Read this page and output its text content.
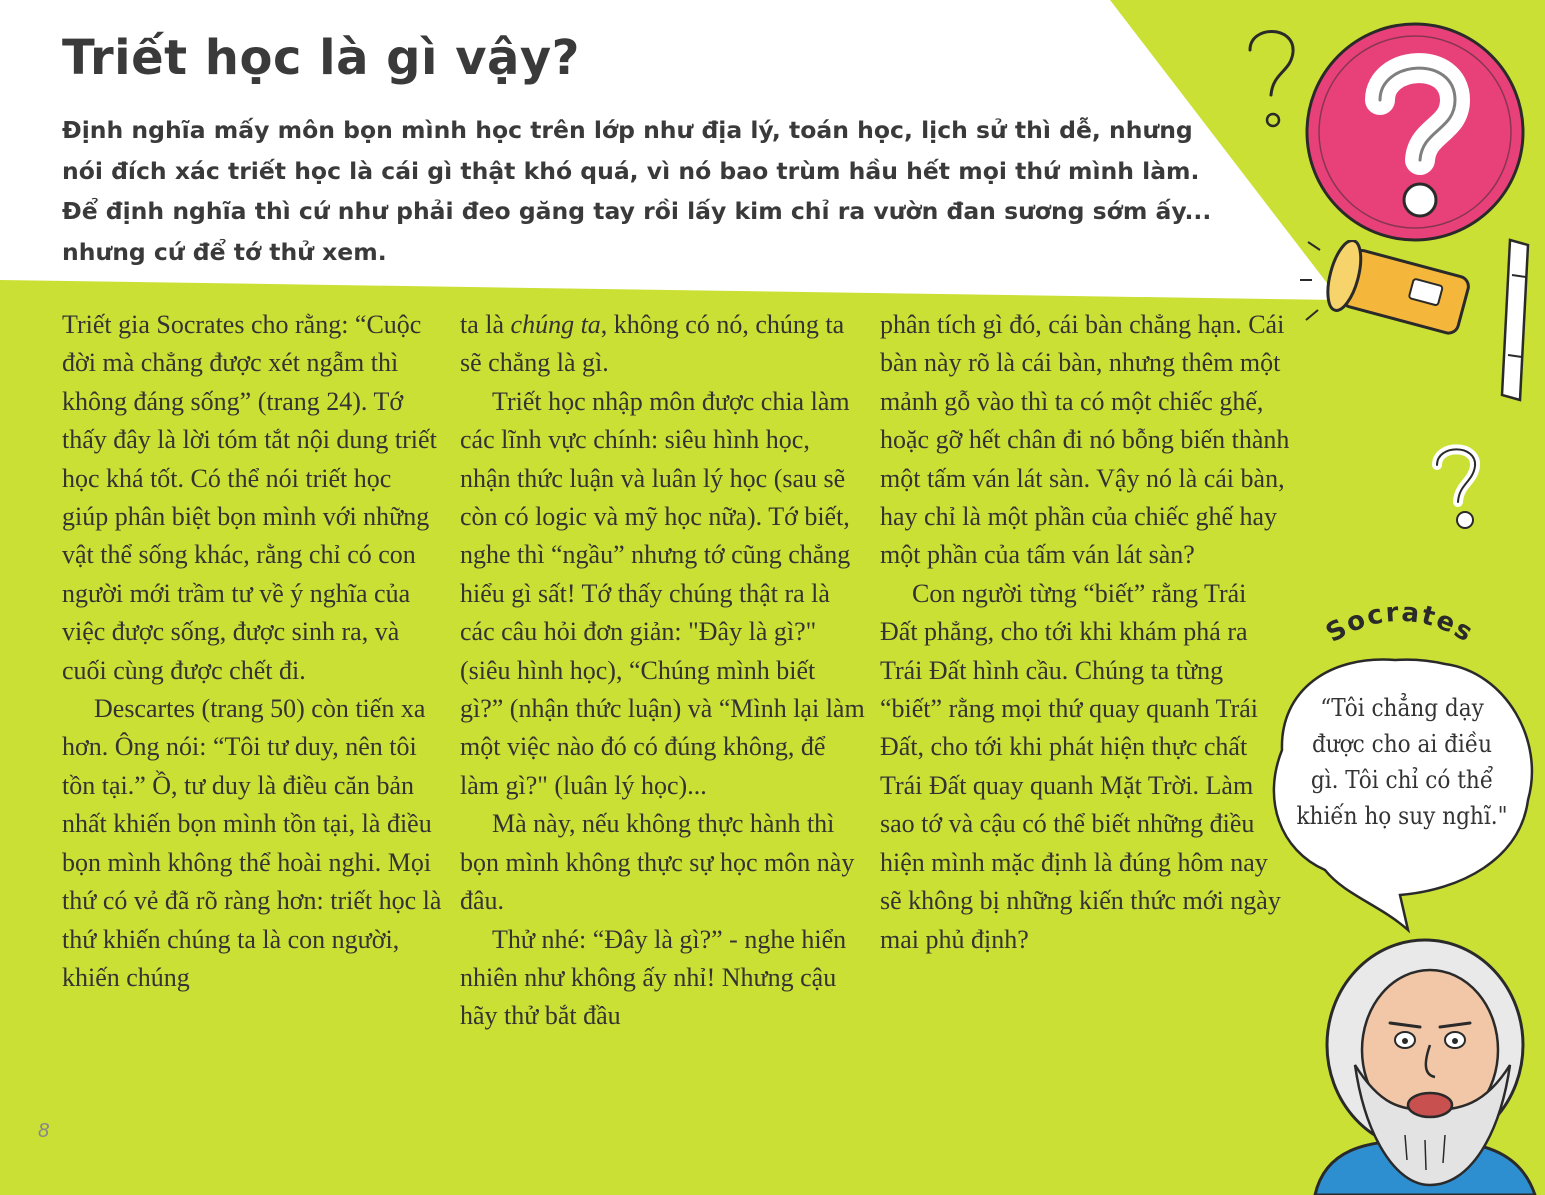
Triết học là gì vậy?

Định nghĩa mấy môn bọn mình học trên lớp như địa lý, toán học, lịch sử thì dễ, nhưng nói đích xác triết học là cái gì thật khó quá, vì nó bao trùm hầu hết mọi thứ mình làm. Để định nghĩa thì cứ như phải đeo găng tay rồi lấy kim chỉ ra vườn đan sương sớm ấy... nhưng cứ để tớ thử xem.

Triết gia Socrates cho rằng: “Cuộc đời mà chẳng được xét ngẫm thì không đáng sống” (trang 24). Tớ thấy đây là lời tóm tắt nội dung triết học khá tốt. Có thể nói triết học giúp phân biệt bọn mình với những vật thể sống khác, rằng chỉ có con người mới trầm tư về ý nghĩa của việc được sống, được sinh ra, và cuối cùng được chết đi.

Descartes (trang 50) còn tiến xa hơn. Ông nói: “Tôi tư duy, nên tôi tồn tại.” Ồ, tư duy là điều căn bản nhất khiến bọn mình tồn tại, là điều bọn mình không thể hoài nghi. Mọi thứ có vẻ đã rõ ràng hơn: triết học là thứ khiến chúng ta là con người, khiến chúng

ta là chúng ta, không có nó, chúng ta sẽ chẳng là gì.

Triết học nhập môn được chia làm các lĩnh vực chính: siêu hình học, nhận thức luận và luân lý học (sau sẽ còn có logic và mỹ học nữa). Tớ biết, nghe thì “ngầu” nhưng tớ cũng chẳng hiểu gì sất! Tớ thấy chúng thật ra là các câu hỏi đơn giản: "Đây là gì?" (siêu hình học), “Chúng mình biết gì?” (nhận thức luận) và “Mình lại làm một việc nào đó có đúng không, để làm gì?" (luân lý học)...

Mà này, nếu không thực hành thì bọn mình không thực sự học môn này đâu.

Thử nhé: “Đây là gì?” - nghe hiển nhiên như không ấy nhỉ! Nhưng cậu hãy thử bắt đầu

phân tích gì đó, cái bàn chẳng hạn. Cái bàn này rõ là cái bàn, nhưng thêm một mảnh gỗ vào thì ta có một chiếc ghế, hoặc gỡ hết chân đi nó bỗng biến thành một tấm ván lát sàn. Vậy nó là cái bàn, hay chỉ là một phần của chiếc ghế hay một phần của tấm ván lát sàn?

Con người từng “biết” rằng Trái Đất phẳng, cho tới khi khám phá ra Trái Đất hình cầu. Chúng ta từng “biết” rằng mọi thứ quay quanh Trái Đất, cho tới khi phát hiện thực chất Trái Đất quay quanh Mặt Trời. Làm sao tớ và cậu có thể biết những điều hiện mình mặc định là đúng hôm nay sẽ không bị những kiến thức mới ngày mai phủ định?

Socrates
“Tôi chẳng dạy được cho ai điều gì. Tôi chỉ có thể khiến họ suy nghĩ."
8
